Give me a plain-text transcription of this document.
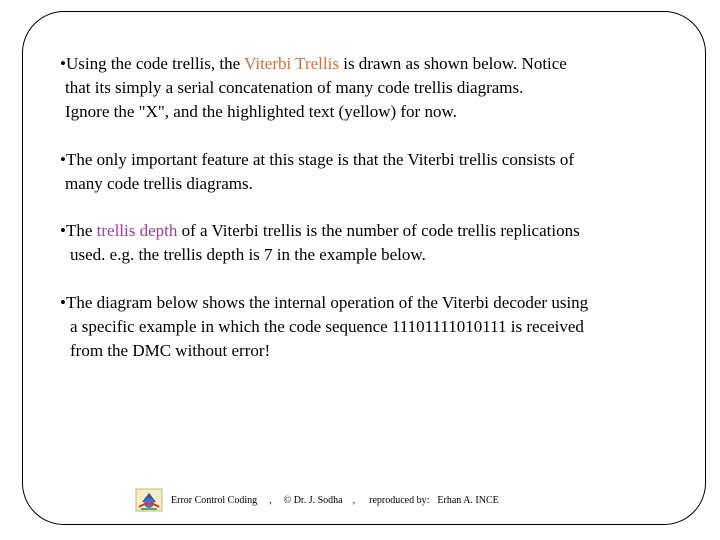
•Using the code trellis, the Viterbi Trellis is drawn as shown below. Notice
that its simply a serial concatenation of many code trellis diagrams.
Ignore the "X", and the highlighted text (yellow) for now.
•The only important feature at this stage is that the Viterbi trellis consists of
many code trellis diagrams.
•The trellis depth of a Viterbi trellis is the number of code trellis replications
used. e.g. the trellis depth is 7 in the example below.
•The diagram below shows the internal operation of the Viterbi decoder using
a specific example in which the code sequence 11101111010111 is received
from the DMC without error!
Error Control Coding , © Dr. J. Sodha , reproduced by: Erhan A. INCE
